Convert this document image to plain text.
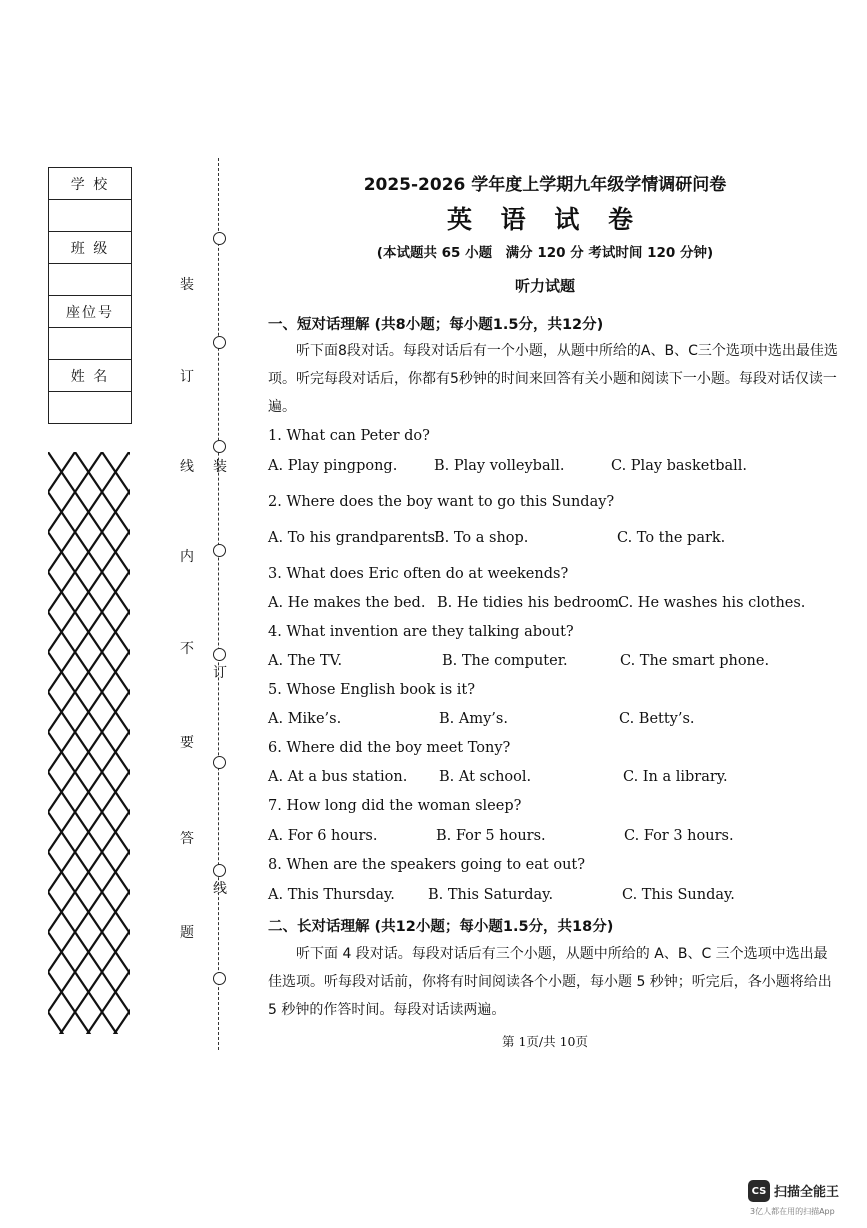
学 校
班 级
座位号
姓 名
装
订
线
内
不
要
答
题
装
订
线
2025-2026 学年度上学期九年级学情调研问卷
英 语 试 卷
(本试题共 65 小题　满分 120 分 考试时间 120 分钟)
听力试题
一、短对话理解 (共8小题；每小题1.5分，共12分)
听下面8段对话。每段对话后有一个小题，从题中所给的A、B、C三个选项中选出最佳选项。听完每段对话后，你都有5秒钟的时间来回答有关小题和阅读下一小题。每段对话仅读一遍。
1. What can Peter do?
A. Play pingpong.	B. Play volleyball.	C. Play basketball.
2. Where does the boy want to go this Sunday?
A. To his grandparents’.
B. To a shop.	C. To the park.
3. What does Eric often do at weekends?
A. He makes the bed. B. He tidies his bedroom.
C. He washes his clothes.
4. What invention are they talking about?
A. The TV.	B. The computer.	C. The smart phone.
5. Whose English book is it?
A. Mike’s.	B. Amy’s.	C. Betty’s.
6. Where did the boy meet Tony?
A. At a bus station. B. At school.	C. In a library.
7. How long did the woman sleep?
A. For 6 hours.	B. For 5 hours.	C. For 3 hours.
8. When are the speakers going to eat out?
A. This Thursday. B. This Saturday.	C. This Sunday.
二、长对话理解 (共12小题；每小题1.5分，共18分)
听下面 4 段对话。每段对话后有三个小题，从题中所给的 A、B、C 三个选项中选出最佳选项。听每段对话前，你将有时间阅读各个小题，每小题 5 秒钟；听完后，各小题将给出 5 秒钟的作答时间。每段对话读两遍。
第 1页/共 10页
CS 扫描全能王
3亿人都在用的扫描App
